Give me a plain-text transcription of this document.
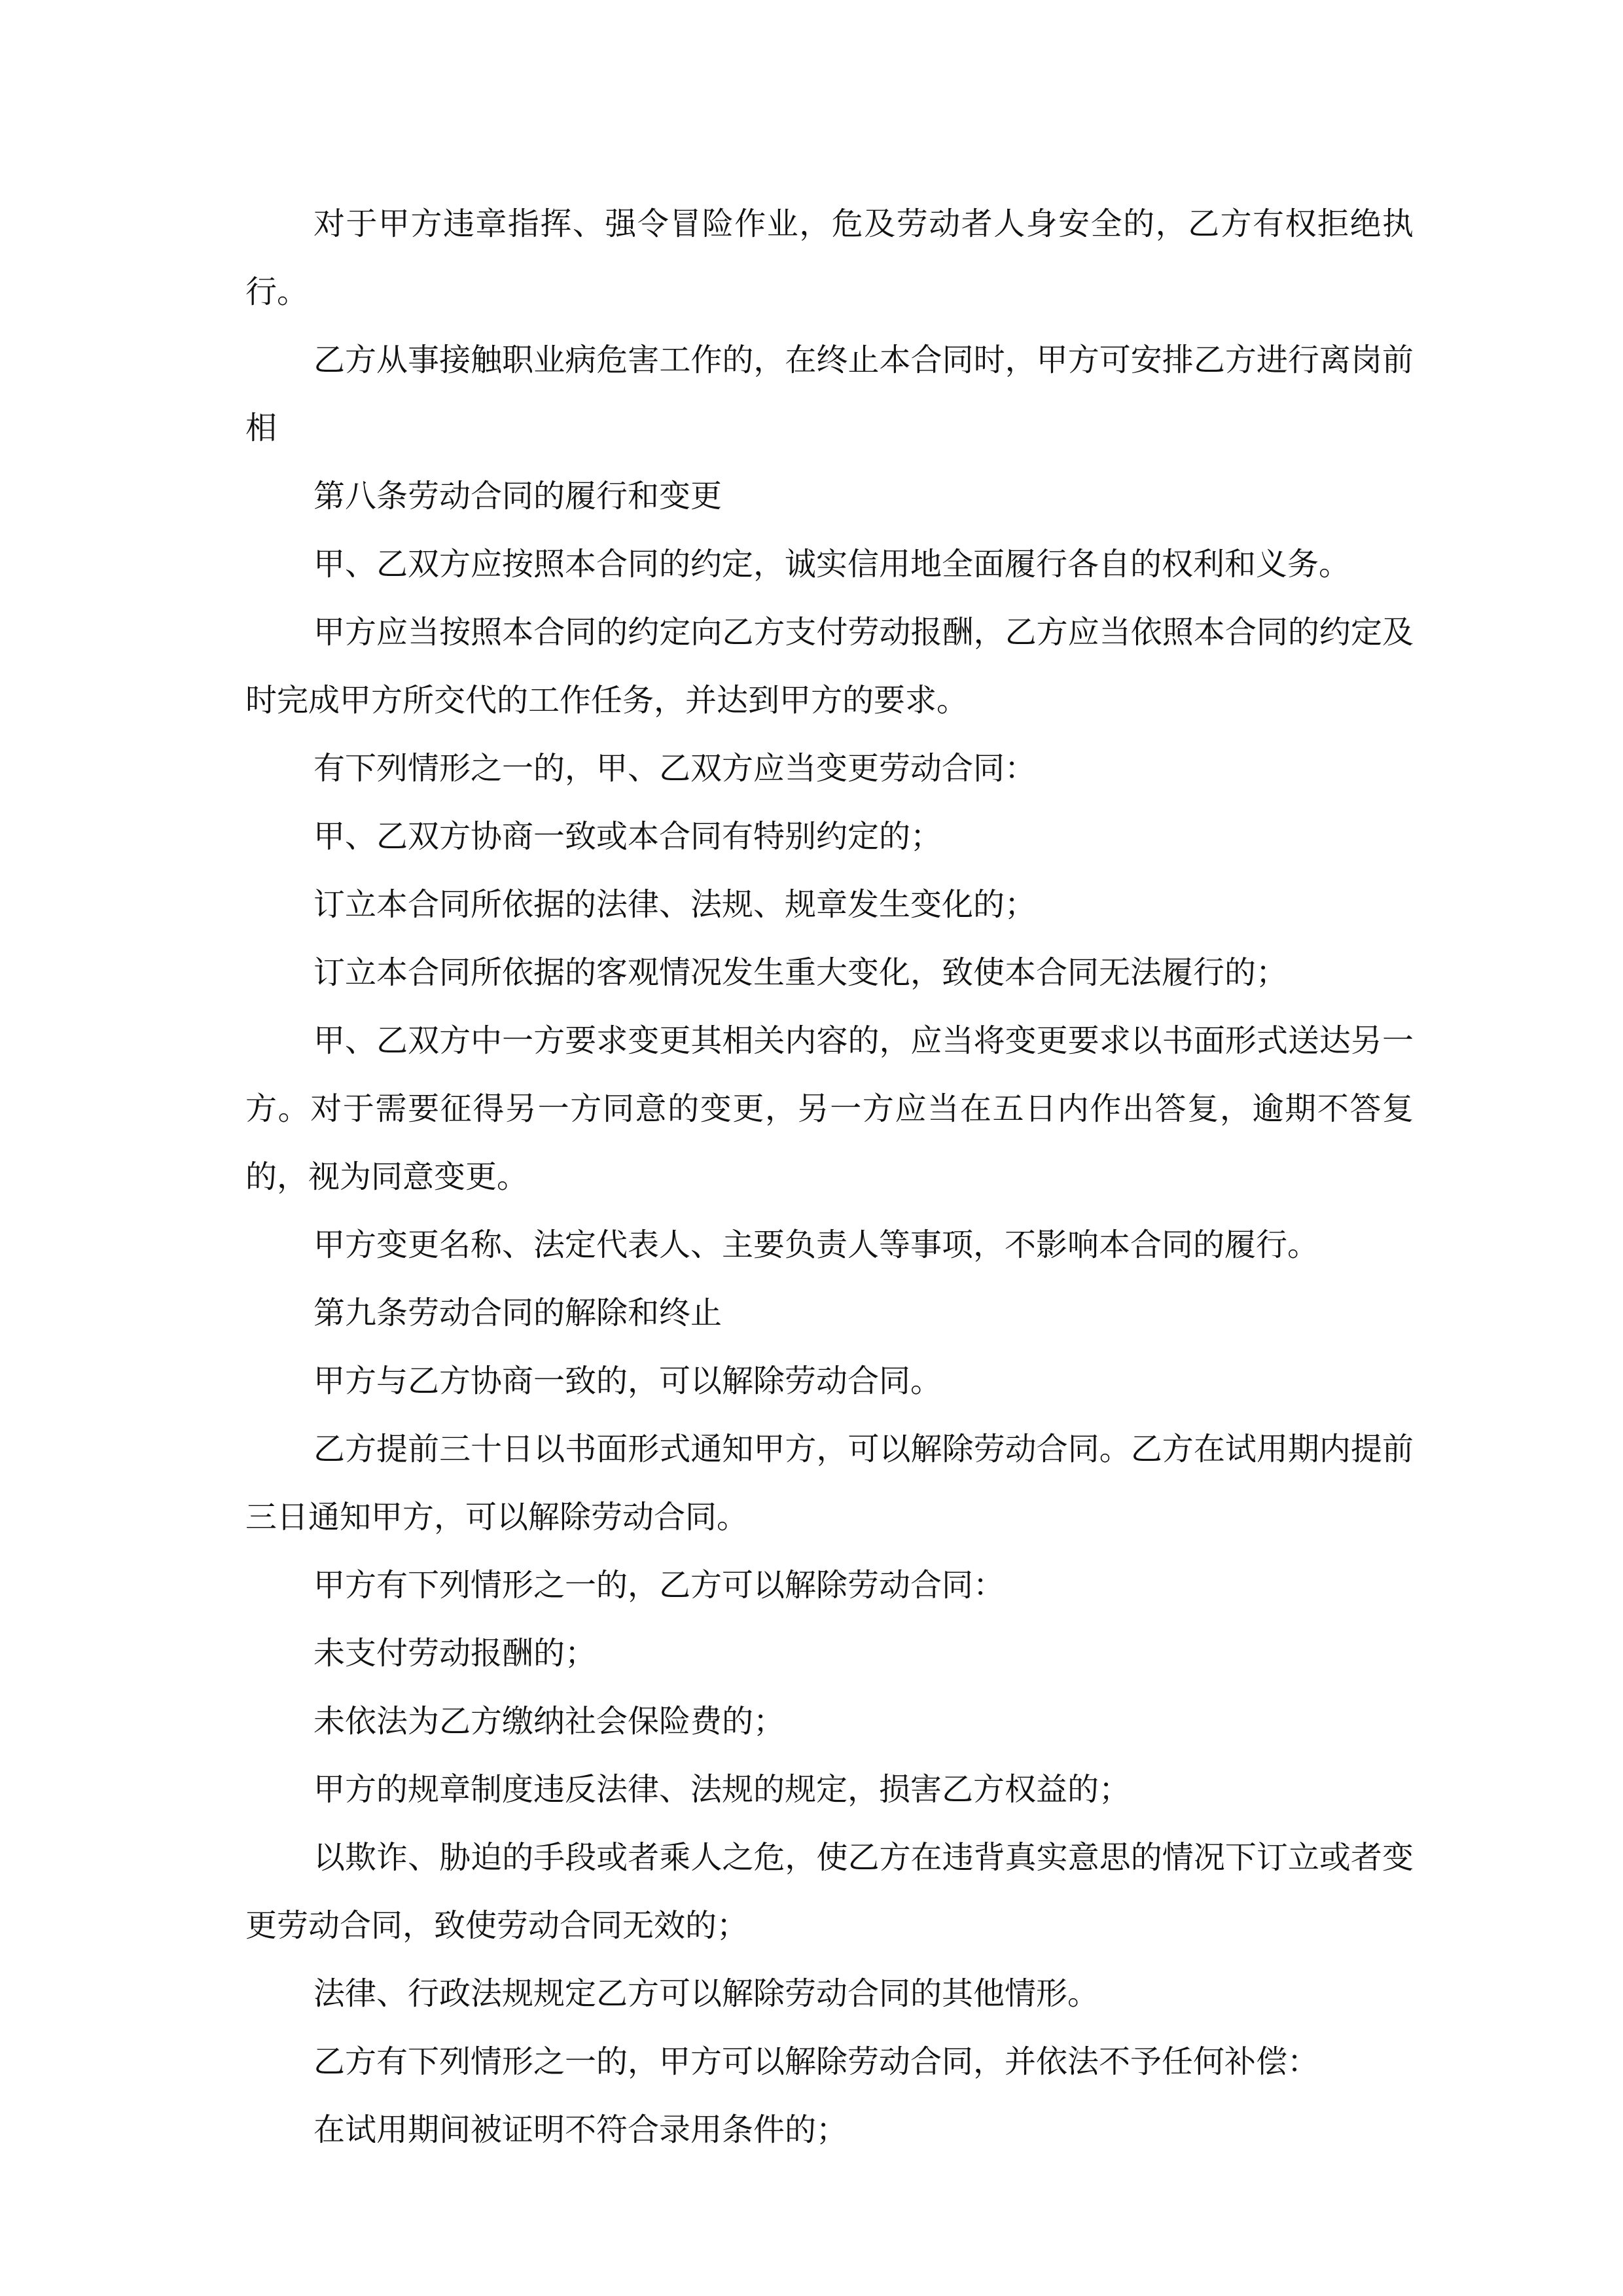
对于甲方违章指挥、强令冒险作业，危及劳动者人身安全的，乙方有权拒绝执行。

乙方从事接触职业病危害工作的，在终止本合同时，甲方可安排乙方进行离岗前相

第八条劳动合同的履行和变更

甲、乙双方应按照本合同的约定，诚实信用地全面履行各自的权利和义务。

甲方应当按照本合同的约定向乙方支付劳动报酬，乙方应当依照本合同的约定及时完成甲方所交代的工作任务，并达到甲方的要求。

有下列情形之一的，甲、乙双方应当变更劳动合同：

甲、乙双方协商一致或本合同有特别约定的；

订立本合同所依据的法律、法规、规章发生变化的；

订立本合同所依据的客观情况发生重大变化，致使本合同无法履行的；

甲、乙双方中一方要求变更其相关内容的，应当将变更要求以书面形式送达另一方。对于需要征得另一方同意的变更，另一方应当在五日内作出答复，逾期不答复的，视为同意变更。

甲方变更名称、法定代表人、主要负责人等事项，不影响本合同的履行。

第九条劳动合同的解除和终止

甲方与乙方协商一致的，可以解除劳动合同。

乙方提前三十日以书面形式通知甲方，可以解除劳动合同。乙方在试用期内提前三日通知甲方，可以解除劳动合同。

甲方有下列情形之一的，乙方可以解除劳动合同：

未支付劳动报酬的；

未依法为乙方缴纳社会保险费的；

甲方的规章制度违反法律、法规的规定，损害乙方权益的；

以欺诈、胁迫的手段或者乘人之危，使乙方在违背真实意思的情况下订立或者变更劳动合同，致使劳动合同无效的；

法律、行政法规规定乙方可以解除劳动合同的其他情形。

乙方有下列情形之一的，甲方可以解除劳动合同，并依法不予任何补偿：

在试用期间被证明不符合录用条件的；
